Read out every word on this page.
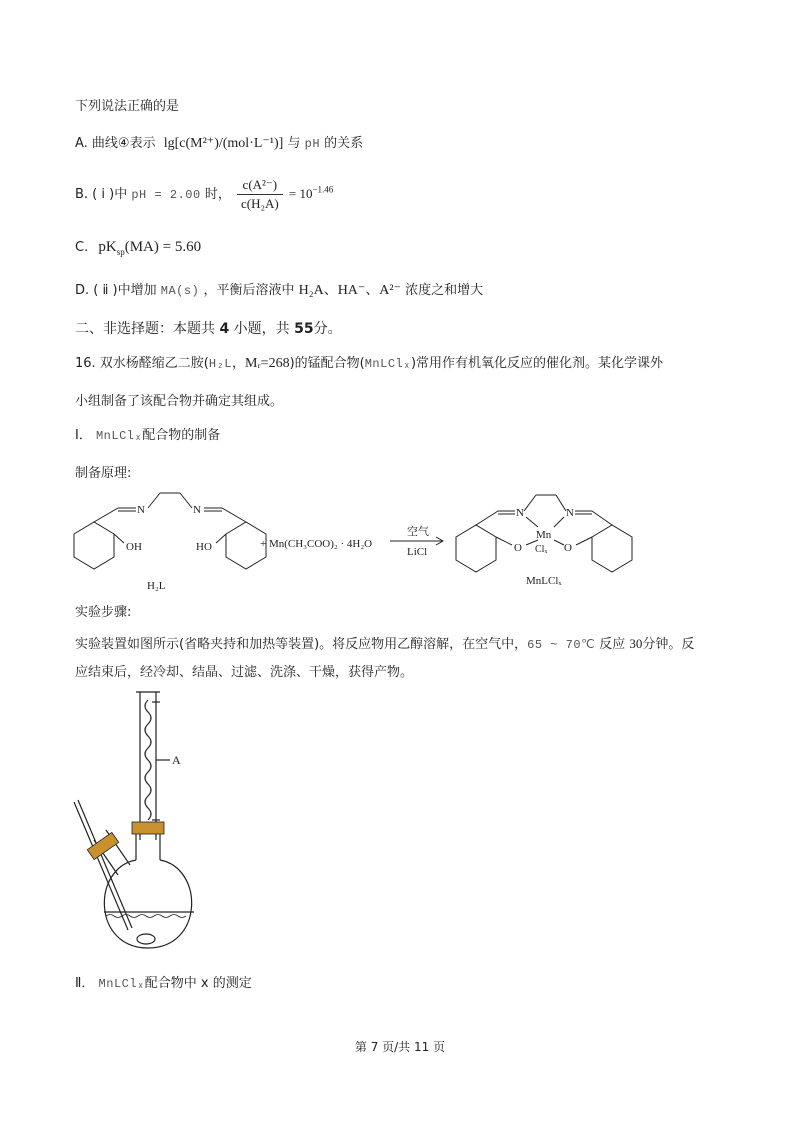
下列说法正确的是
A. 曲线④表示 lg[c(M²⁺)/(mol·L⁻¹)] 与 pH 的关系
B. ( ⅰ )中 pH = 2.00 时， $\frac{\text{c(A²⁻)}}{\text{c(H₂A)}} = 10^{-1.46}$
C. $pK_{sp}(MA) = 5.60$
D. ( ⅱ )中增加 MA(s) ，平衡后溶液中 H₂A、HA⁻、A²⁻ 浓度之和增大
二、非选择题：本题共 4 小题，共 55分。
16. 双水杨醛缩乙二胺(H₂L，Mᵣ=268)的锰配合物(MnLClₓ)常用作有机氧化反应的催化剂。某化学课外
小组制备了该配合物并确定其组成。
Ⅰ． MnLClₓ配合物的制备
制备原理:
N	N
OH	HO
H₂L
+ Mn(CH₃COO)₂ · 4H₂O
空气
LiCl
N	N
Mn
O	O
Clₓ
MnLClₓ
实验步骤:
实验装置如图所示(省略夹持和加热等装置)。将反应物用乙醇溶解，在空气中，65 ~ 70℃ 反应 30分钟。反
应结束后，经冷却、结晶、过滤、洗涤、干燥，获得产物。
A
Ⅱ． MnLClₓ配合物中 x 的测定
第 7 页/共 11 页
